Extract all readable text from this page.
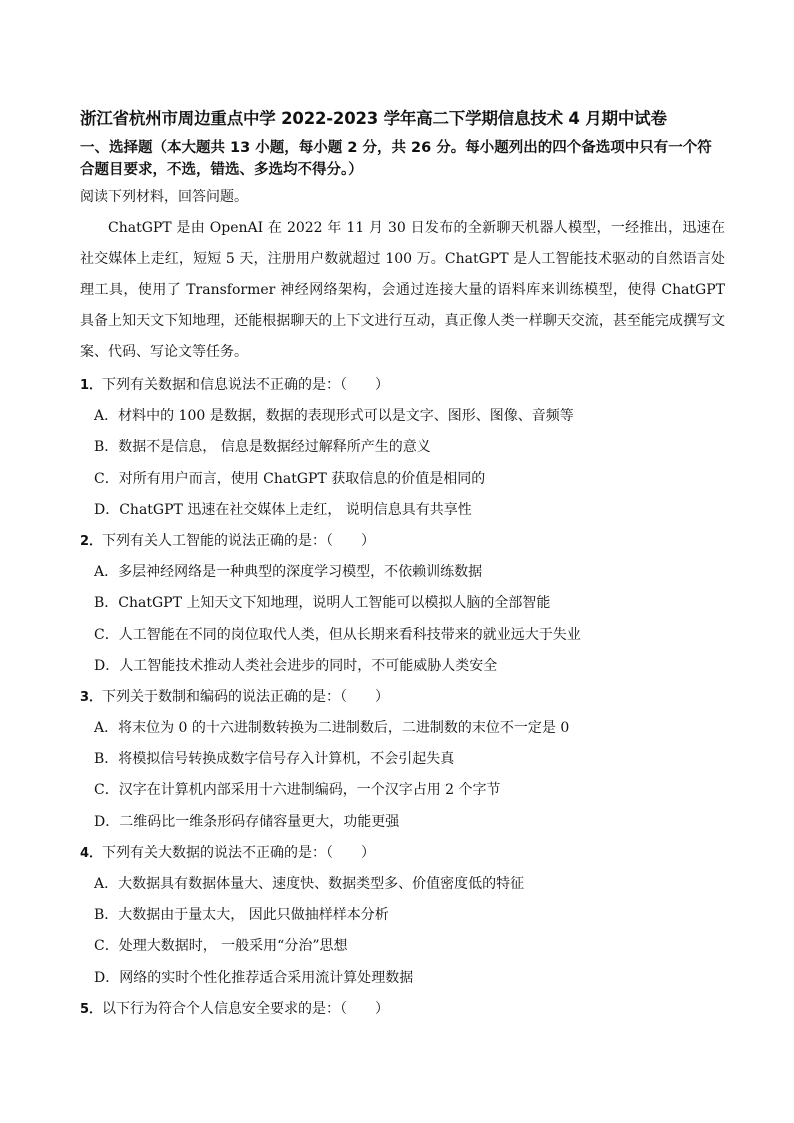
浙江省杭州市周边重点中学 2022-2023 学年高二下学期信息技术 4 月期中试卷
一、选择题（本大题共 13 小题，每小题 2 分，共 26 分。每小题列出的四个备选项中只有一个符合题目要求，不选，错选、多选均不得分。）
阅读下列材料，回答问题。
ChatGPT 是由 OpenAI 在 2022 年 11 月 30 日发布的全新聊天机器人模型，一经推出，迅速在社交媒体上走红，短短 5 天，注册用户数就超过 100 万。ChatGPT 是人工智能技术驱动的自然语言处理工具，使用了 Transformer 神经网络架构，会通过连接大量的语料库来训练模型，使得 ChatGPT 具备上知天文下知地理，还能根据聊天的上下文进行互动，真正像人类一样聊天交流，甚至能完成撰写文案、代码、写论文等任务。
1．下列有关数据和信息说法不正确的是：（　　）
A．材料中的 100 是数据，数据的表现形式可以是文字、图形、图像、音频等
B．数据不是信息， 信息是数据经过解释所产生的意义
C．对所有用户而言，使用 ChatGPT 获取信息的价值是相同的
D．ChatGPT 迅速在社交媒体上走红， 说明信息具有共享性
2．下列有关人工智能的说法正确的是：（　　）
A．多层神经网络是一种典型的深度学习模型，不依赖训练数据
B．ChatGPT 上知天文下知地理，说明人工智能可以模拟人脑的全部智能
C．人工智能在不同的岗位取代人类，但从长期来看科技带来的就业远大于失业
D．人工智能技术推动人类社会进步的同时，不可能威胁人类安全
3．下列关于数制和编码的说法正确的是：（　　）
A．将末位为 0 的十六进制数转换为二进制数后，二进制数的末位不一定是 0
B．将模拟信号转换成数字信号存入计算机，不会引起失真
C．汉字在计算机内部采用十六进制编码，一个汉字占用 2 个字节
D．二维码比一维条形码存储容量更大，功能更强
4．下列有关大数据的说法不正确的是：（　　）
A．大数据具有数据体量大、速度快、数据类型多、价值密度低的特征
B．大数据由于量太大， 因此只做抽样样本分析
C．处理大数据时， 一般采用“分治”思想
D．网络的实时个性化推荐适合采用流计算处理数据
5．以下行为符合个人信息安全要求的是：（　　）
